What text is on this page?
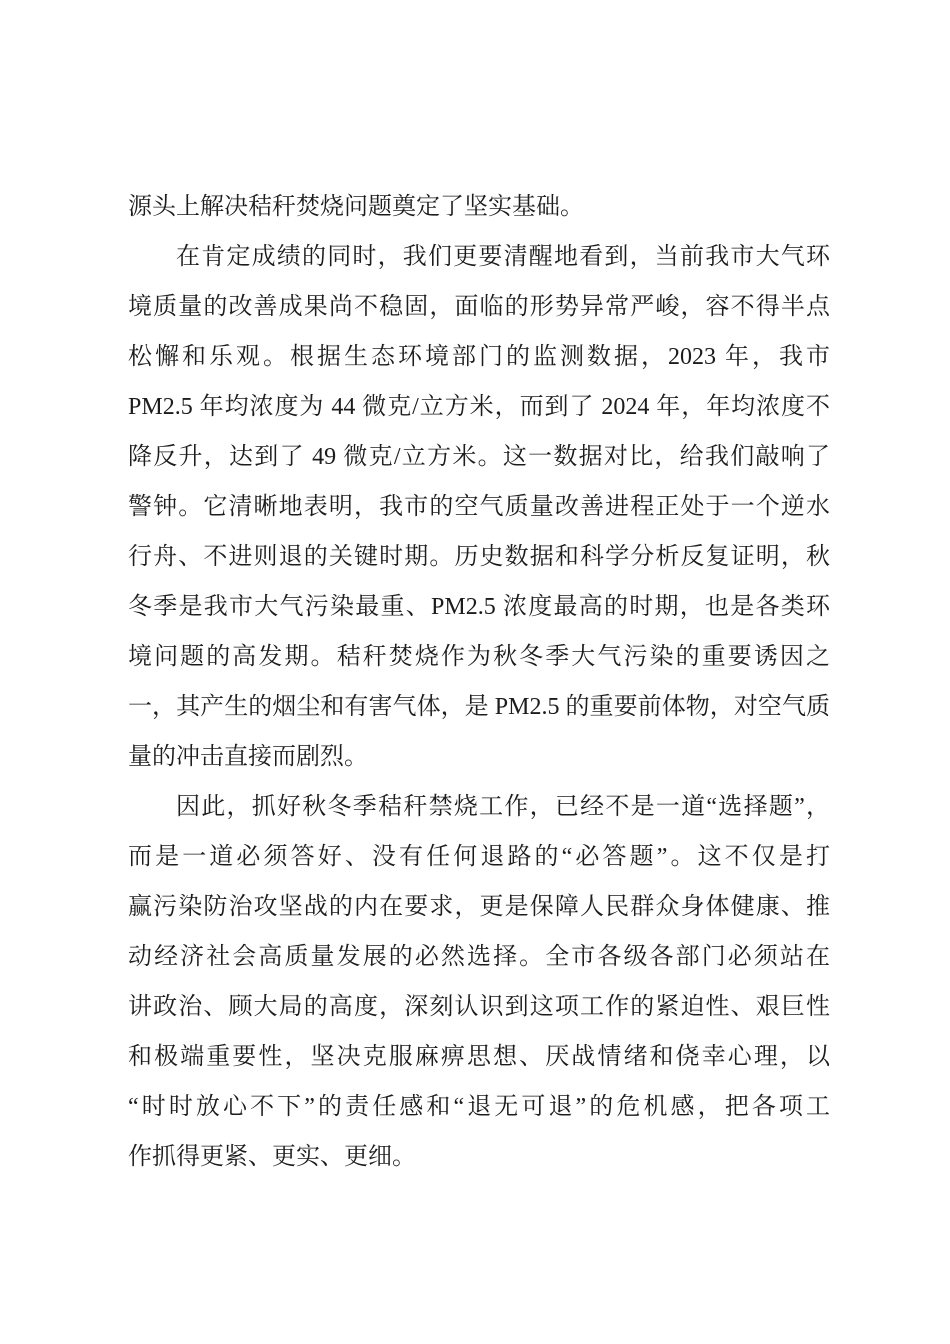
源头上解决秸秆焚烧问题奠定了坚实基础。
在肯定成绩的同时，我们更要清醒地看到，当前我市大气环
境质量的改善成果尚不稳固，面临的形势异常严峻，容不得半点
松懈和乐观。根据生态环境部门的监测数据，2023 年，我市
PM2.5 年均浓度为 44 微克/立方米，而到了 2024 年，年均浓度不
降反升，达到了 49 微克/立方米。这一数据对比，给我们敲响了
警钟。它清晰地表明，我市的空气质量改善进程正处于一个逆水
行舟、不进则退的关键时期。历史数据和科学分析反复证明，秋
冬季是我市大气污染最重、PM2.5 浓度最高的时期，也是各类环
境问题的高发期。秸秆焚烧作为秋冬季大气污染的重要诱因之
一，其产生的烟尘和有害气体，是 PM2.5 的重要前体物，对空气质
量的冲击直接而剧烈。
因此，抓好秋冬季秸秆禁烧工作，已经不是一道“选择题”，
而是一道必须答好、没有任何退路的“必答题”。这不仅是打
赢污染防治攻坚战的内在要求，更是保障人民群众身体健康、推
动经济社会高质量发展的必然选择。全市各级各部门必须站在
讲政治、顾大局的高度，深刻认识到这项工作的紧迫性、艰巨性
和极端重要性，坚决克服麻痹思想、厌战情绪和侥幸心理，以
“时时放心不下”的责任感和“退无可退”的危机感，把各项工
作抓得更紧、更实、更细。
